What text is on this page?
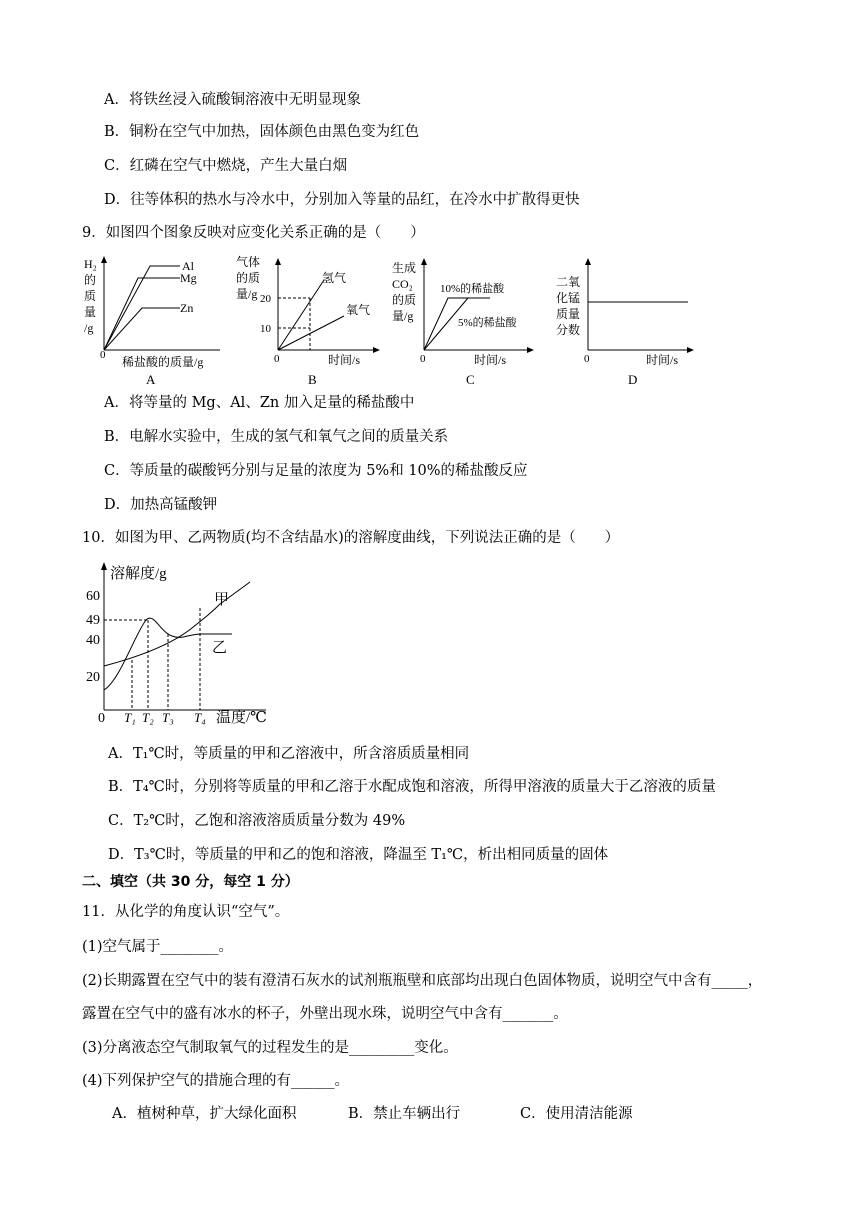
A．将铁丝浸入硫酸铜溶液中无明显现象
B．铜粉在空气中加热，固体颜色由黑色变为红色
C．红磷在空气中燃烧，产生大量白烟
D．往等体积的热水与冷水中，分别加入等量的品红，在冷水中扩散得更快
9．如图四个图象反映对应变化关系正确的是（　　）
H₂
的
质
量
/g
0
Al
Mg
Zn
稀盐酸的质量/g
A
气体
的质
量/g
0
20
10
氢气
氧气
时间/s
B
生成
CO₂
的质
量/g
0
10%的稀盐酸
5%的稀盐酸
时间/s
C
二氧
化锰
质量
分数
0	时间/s
D
A．将等量的 Mg、Al、Zn 加入足量的稀盐酸中
B．电解水实验中，生成的氢气和氧气之间的质量关系
C．等质量的碳酸钙分别与足量的浓度为 5%和 10%的稀盐酸反应
D．加热高锰酸钾
10．如图为甲、乙两物质(均不含结晶水)的溶解度曲线，下列说法正确的是（　　）
溶解度/g
60
49
40
20
0
甲
乙
T₁ T₂ T₃ T₄ 温度/℃
A．T₁℃时，等质量的甲和乙溶液中，所含溶质质量相同
B．T₄℃时，分别将等质量的甲和乙溶于水配成饱和溶液，所得甲溶液的质量大于乙溶液的质量
C．T₂℃时，乙饱和溶液溶质质量分数为 49%
D．T₃℃时，等质量的甲和乙的饱和溶液，降温至 T₁℃，析出相同质量的固体
二、填空（共 30 分，每空 1 分）
11．从化学的角度认识“空气”。
(1)空气属于________。
(2)长期露置在空气中的装有澄清石灰水的试剂瓶瓶壁和底部均出现白色固体物质，说明空气中含有_____，
露置在空气中的盛有冰水的杯子，外壁出现水珠，说明空气中含有_______。
(3)分离液态空气制取氧气的过程发生的是_________变化。
(4)下列保护空气的措施合理的有______。
A．植树种草，扩大绿化面积	B．禁止车辆出行	C．使用清洁能源
